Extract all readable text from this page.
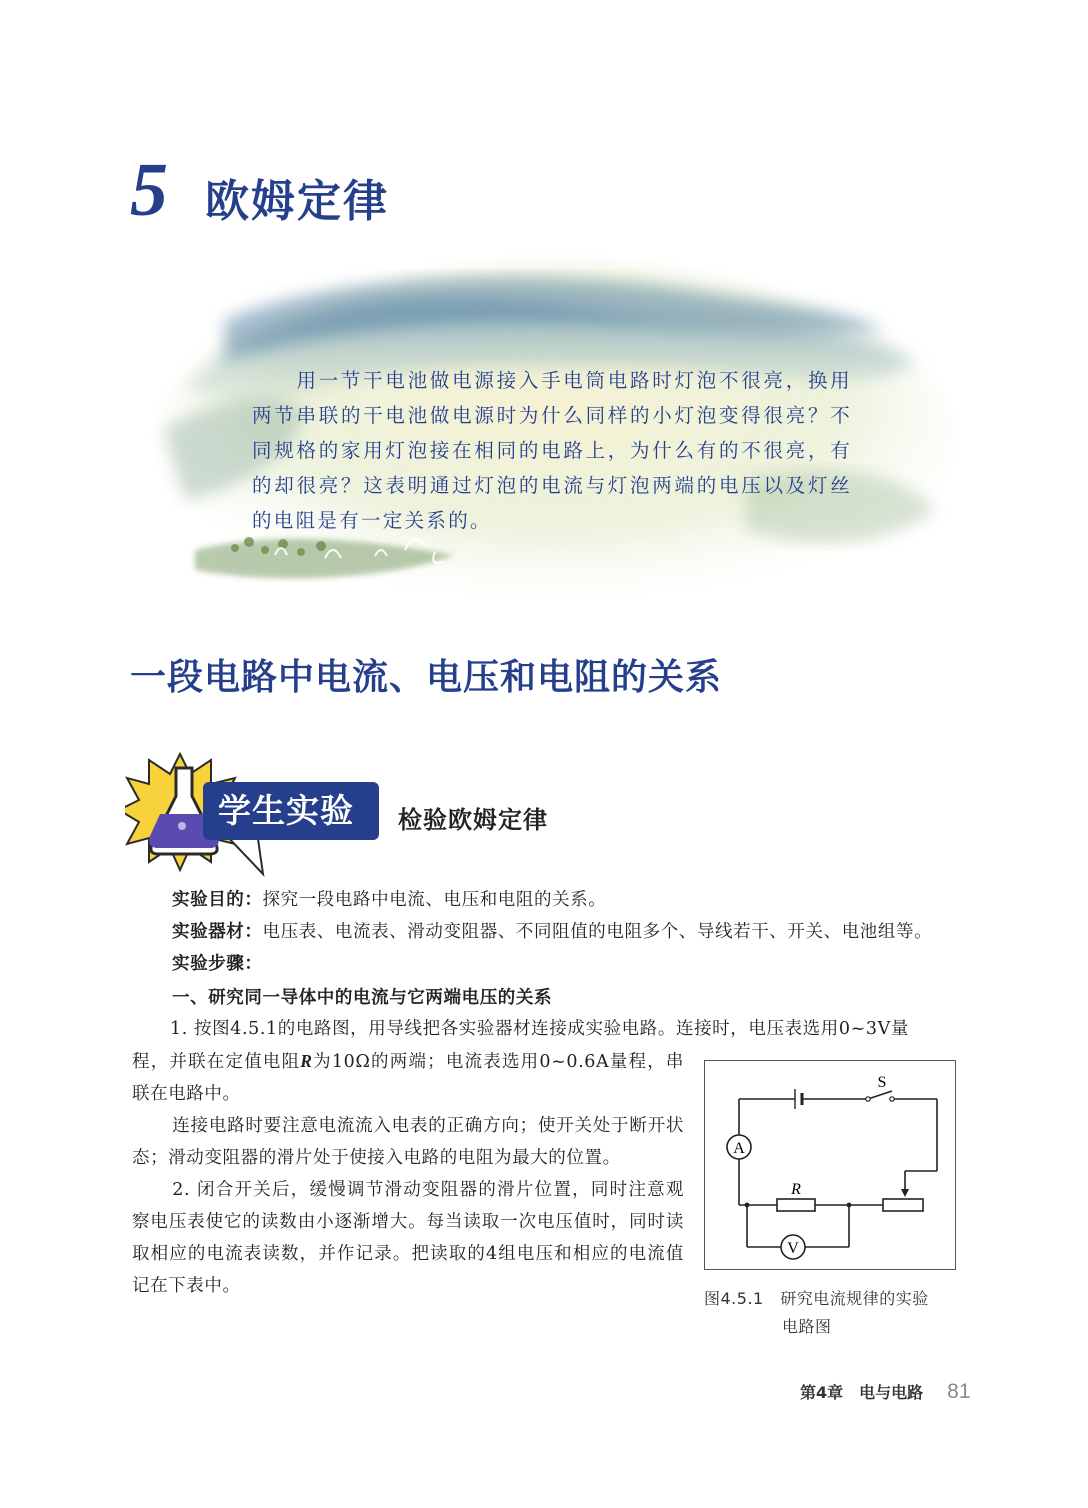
5 欧姆定律
用一节干电池做电源接入手电筒电路时灯泡不很亮，换用两节串联的干电池做电源时为什么同样的小灯泡变得很亮？不同规格的家用灯泡接在相同的电路上，为什么有的不很亮，有的却很亮？这表明通过灯泡的电流与灯泡两端的电压以及灯丝的电阻是有一定关系的。
一段电路中电流、电压和电阻的关系
学生实验 检验欧姆定律
实验目的：探究一段电路中电流、电压和电阻的关系。
实验器材：电压表、电流表、滑动变阻器、不同阻值的电阻多个、导线若干、开关、电池组等。
实验步骤：
一、研究同一导体中的电流与它两端电压的关系
1. 按图4.5.1的电路图，用导线把各实验器材连接成实验电路。连接时，电压表选用0~3V量

程，并联在定值电阻R为10Ω的两端；电流表选用0~0.6A量程，串联在电路中。

连接电路时要注意电流流入电表的正确方向；使开关处于断开状态；滑动变阻器的滑片处于使接入电路的电阻为最大的位置。

2. 闭合开关后，缓慢调节滑动变阻器的滑片位置，同时注意观察电压表使它的读数由小逐渐增大。每当读取一次电压值时，同时读取相应的电流表读数，并作记录。把读取的4组电压和相应的电流值记在下表中。

A
V
S
R
图4.5.1　研究电流规律的实验
电路图
第4章　电与电路 81
